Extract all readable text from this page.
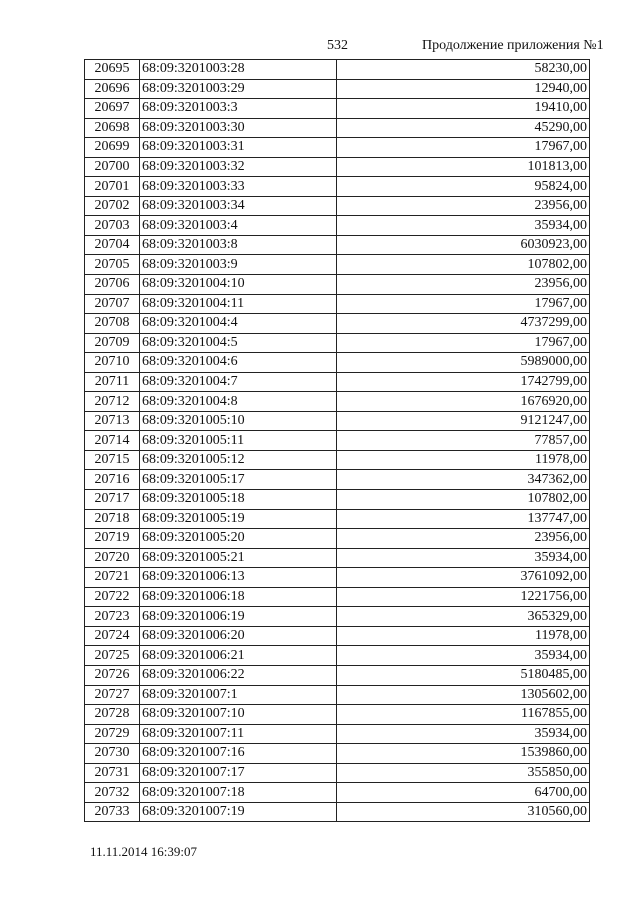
532	Продолжение приложения №1
20695	68:09:3201003:28	58230,00
20696	68:09:3201003:29	12940,00
20697	68:09:3201003:3	19410,00
20698	68:09:3201003:30	45290,00
20699	68:09:3201003:31	17967,00
20700	68:09:3201003:32	101813,00
20701	68:09:3201003:33	95824,00
20702	68:09:3201003:34	23956,00
20703	68:09:3201003:4	35934,00
20704	68:09:3201003:8	6030923,00
20705	68:09:3201003:9	107802,00
20706	68:09:3201004:10	23956,00
20707	68:09:3201004:11	17967,00
20708	68:09:3201004:4	4737299,00
20709	68:09:3201004:5	17967,00
20710	68:09:3201004:6	5989000,00
20711	68:09:3201004:7	1742799,00
20712	68:09:3201004:8	1676920,00
20713	68:09:3201005:10	9121247,00
20714	68:09:3201005:11	77857,00
20715	68:09:3201005:12	11978,00
20716	68:09:3201005:17	347362,00
20717	68:09:3201005:18	107802,00
20718	68:09:3201005:19	137747,00
20719	68:09:3201005:20	23956,00
20720	68:09:3201005:21	35934,00
20721	68:09:3201006:13	3761092,00
20722	68:09:3201006:18	1221756,00
20723	68:09:3201006:19	365329,00
20724	68:09:3201006:20	11978,00
20725	68:09:3201006:21	35934,00
20726	68:09:3201006:22	5180485,00
20727	68:09:3201007:1	1305602,00
20728	68:09:3201007:10	1167855,00
20729	68:09:3201007:11	35934,00
20730	68:09:3201007:16	1539860,00
20731	68:09:3201007:17	355850,00
20732	68:09:3201007:18	64700,00
20733	68:09:3201007:19	310560,00
11.11.2014 16:39:07
